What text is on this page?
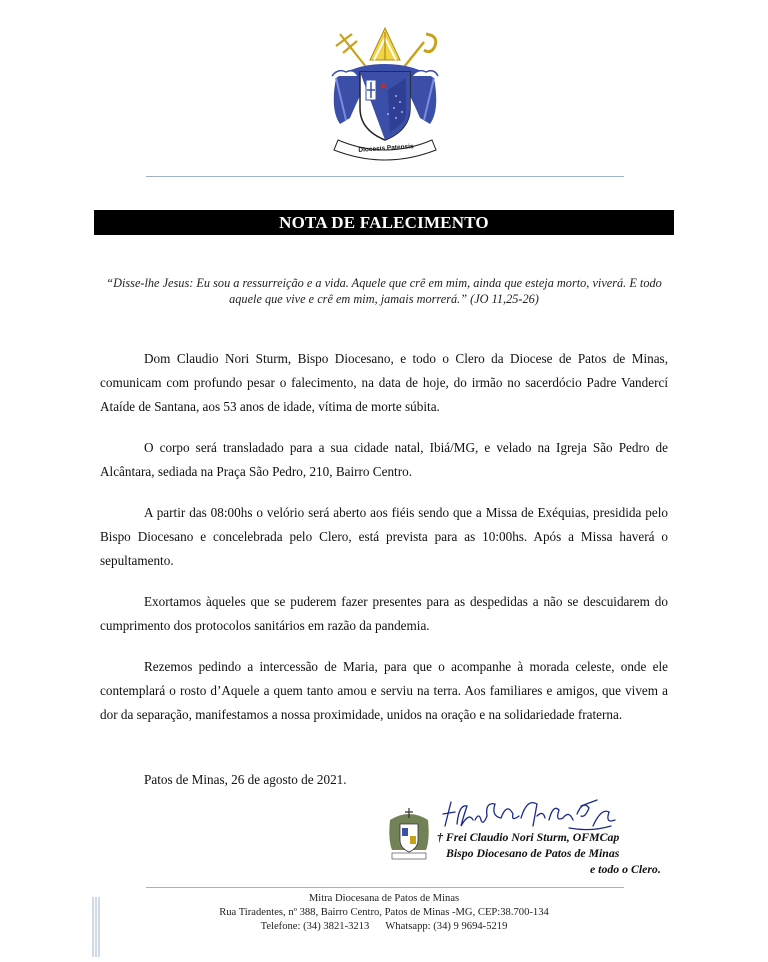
Diocesis Patensis
NOTA DE FALECIMENTO
“Disse-lhe Jesus: Eu sou a ressurreição e a vida. Aquele que crê em mim, ainda que esteja morto, viverá. E todo aquele que vive e crê em mim, jamais morrerá.” (JO 11,25-26)

Dom Claudio Nori Sturm, Bispo Diocesano, e todo o Clero da Diocese de Patos de Minas, comunicam com profundo pesar o falecimento, na data de hoje, do irmão no sacerdócio Padre Vandercí Ataíde de Santana, aos 53 anos de idade, vítima de morte súbita.

O corpo será transladado para a sua cidade natal, Ibiá/MG, e velado na Igreja São Pedro de Alcântara, sediada na Praça São Pedro, 210, Bairro Centro.

A partir das 08:00hs o velório será aberto aos fiéis sendo que a Missa de Exéquias, presidida pelo Bispo Diocesano e concelebrada pelo Clero, está prevista para as 10:00hs. Após a Missa haverá o sepultamento.

Exortamos àqueles que se puderem fazer presentes para as despedidas a não se descuidarem do cumprimento dos protocolos sanitários em razão da pandemia.

Rezemos pedindo a intercessão de Maria, para que o acompanhe à morada celeste, onde ele contemplará o rosto d’Aquele a quem tanto amou e serviu na terra. Aos familiares e amigos, que vivem a dor da separação, manifestamos a nossa proximidade, unidos na oração e na solidariedade fraterna.

Patos de Minas, 26 de agosto de 2021.

† Frei Claudio Nori Sturm, OFMCap
Bispo Diocesano de Patos de Minas
e todo o Clero.
Mitra Diocesana de Patos de Minas
Rua Tiradentes, nº 388, Bairro Centro, Patos de Minas -MG, CEP:38.700-134
Telefone: (34) 3821-3213 Whatsapp: (34) 9 9694-5219
